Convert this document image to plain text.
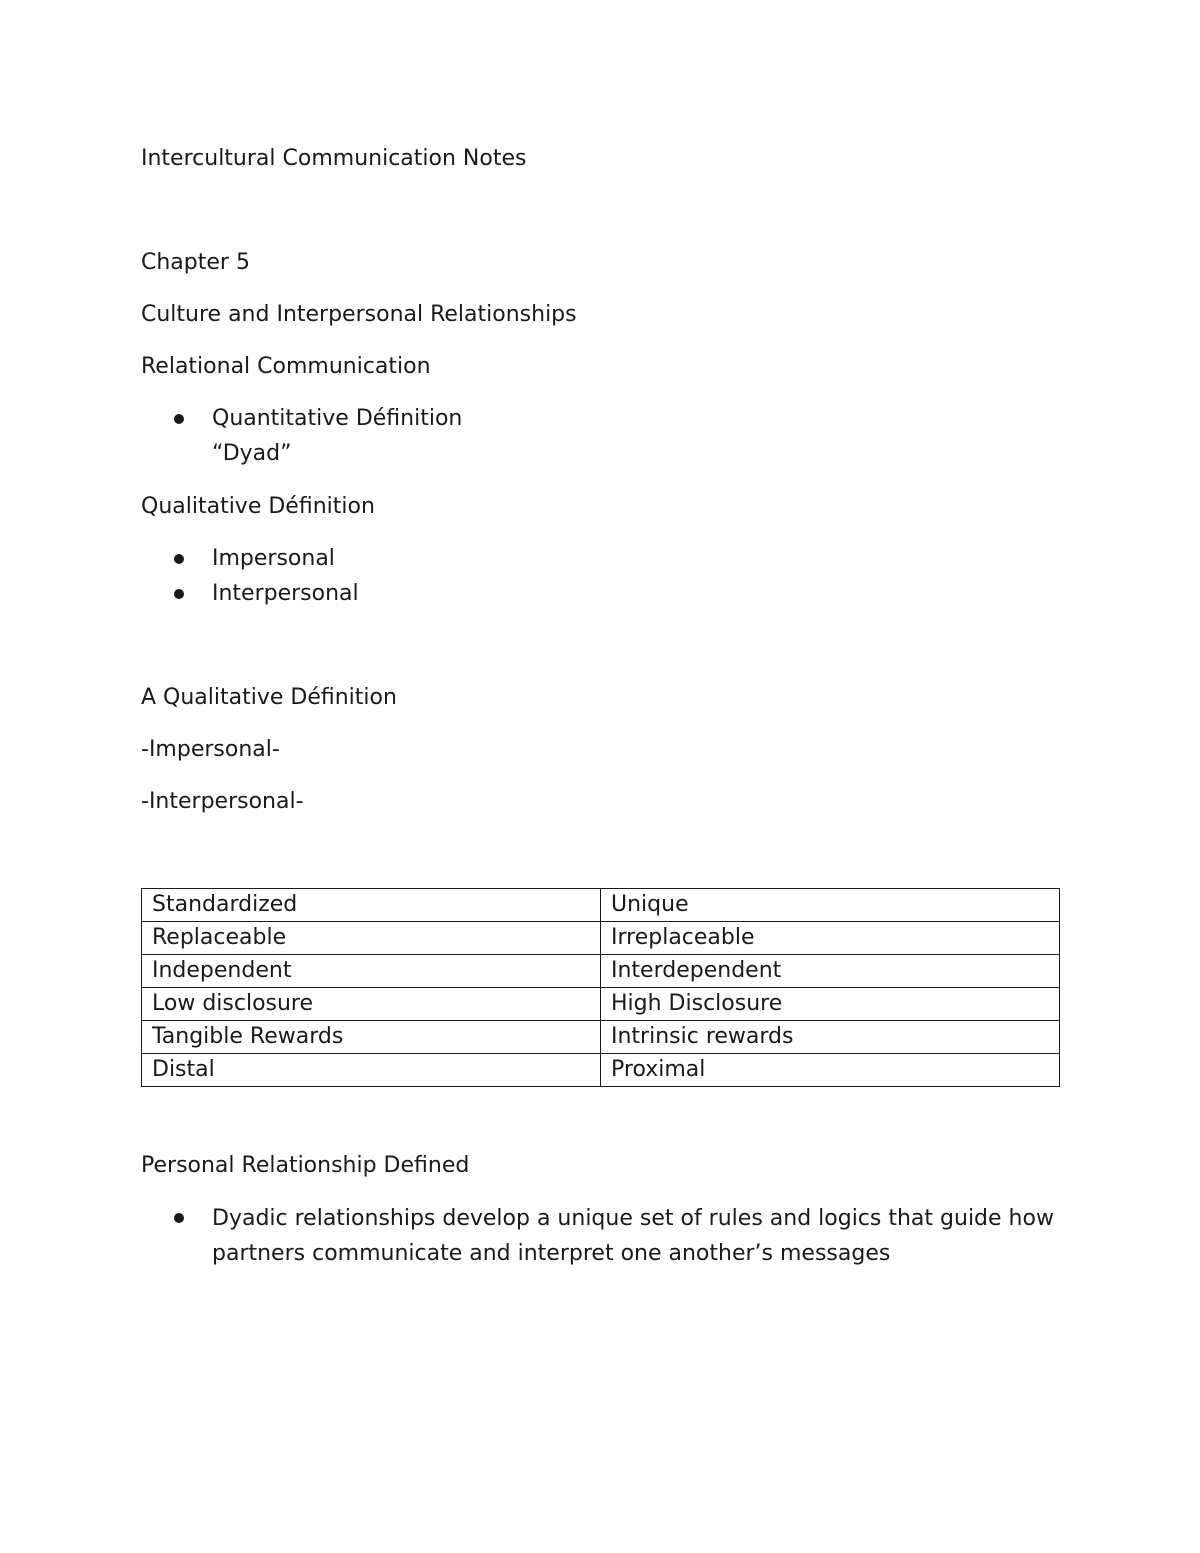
Intercultural Communication Notes
Chapter 5
Culture and Interpersonal Relationships
Relational Communication
Quantitative Définition
“Dyad”
Qualitative Définition
Impersonal
Interpersonal
A Qualitative Définition
-Impersonal-
-Interpersonal-
Standardized	Unique
Replaceable	Irreplaceable
Independent	Interdependent
Low disclosure	High Disclosure
Tangible Rewards	Intrinsic rewards
Distal	Proximal
Personal Relationship Defined
Dyadic relationships develop a unique set of rules and logics that guide how partners communicate and interpret one another’s messages
